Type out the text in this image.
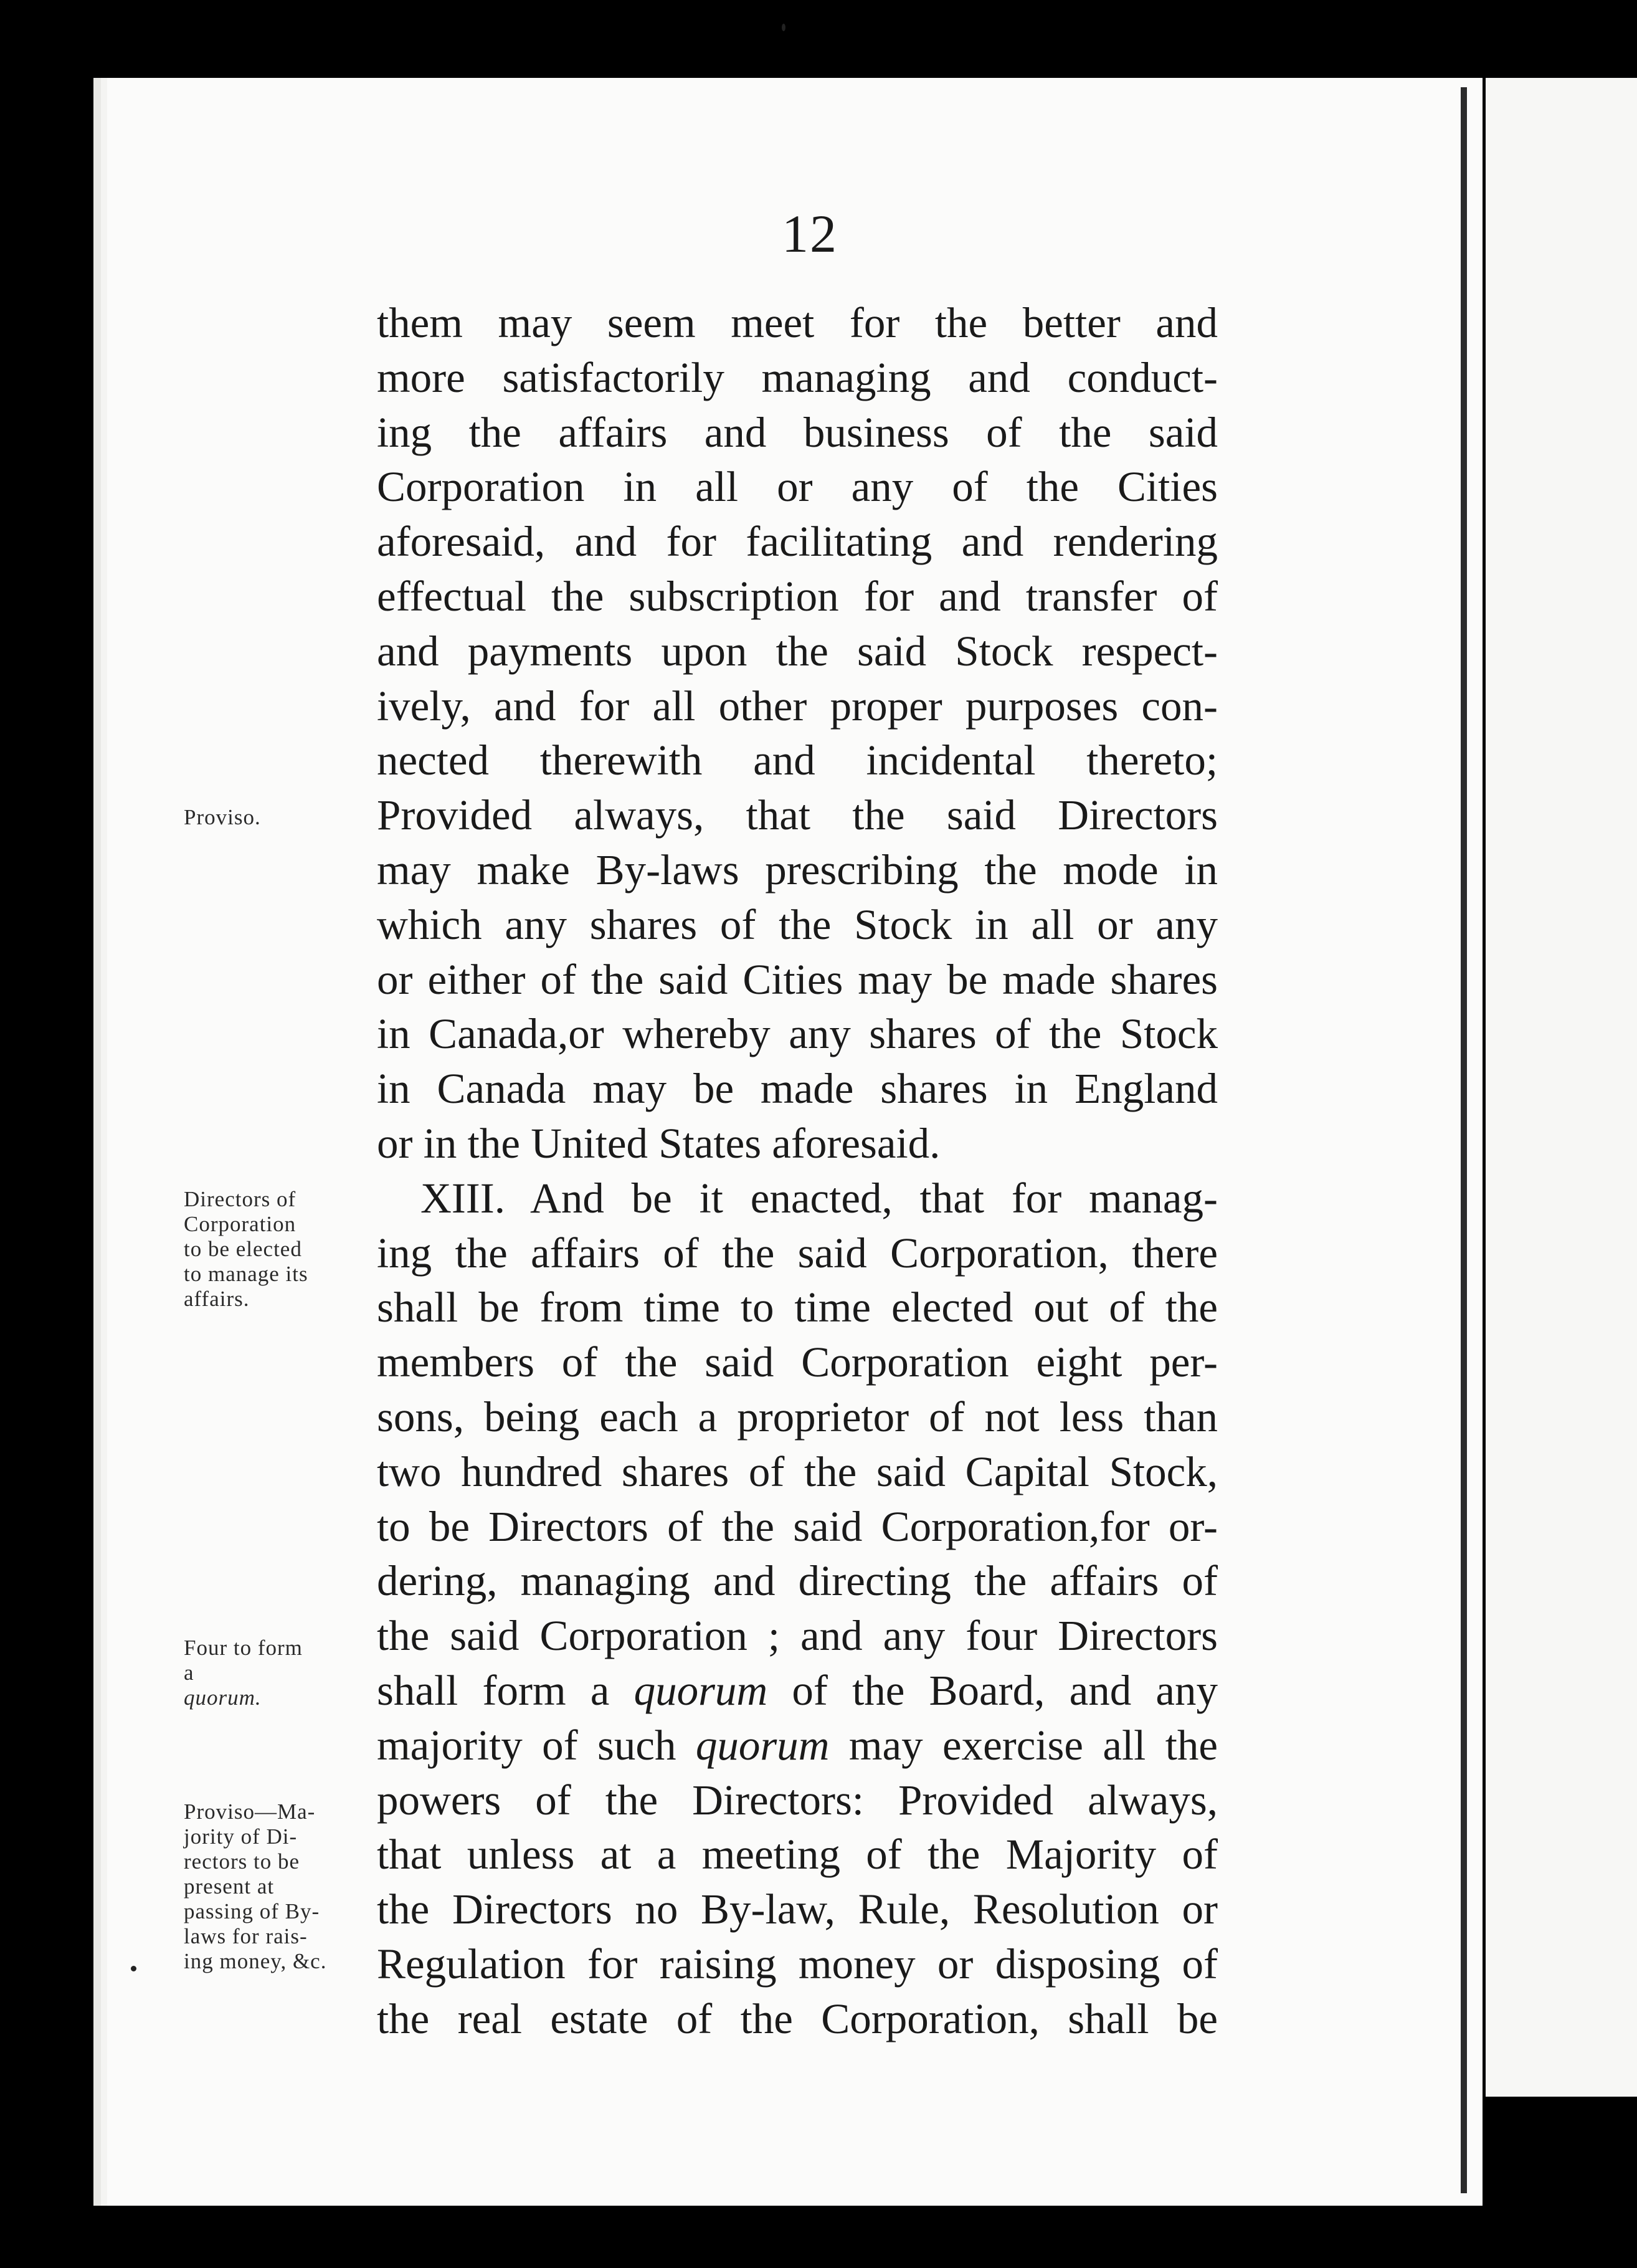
12
them may seem meet for the better and
more satisfactorily managing and conduct-
ing the affairs and business of the said
Corporation in all or any of the Cities
aforesaid, and for facilitating and rendering
effectual the subscription for and transfer of
and payments upon the said Stock respect-
ively, and for all other proper purposes con-
nected therewith and incidental thereto;
Provided always, that the said Directors
may make By-laws prescribing the mode in
which any shares of the Stock in all or any
or either of the said Cities may be made shares
in Canada,or whereby any shares of the Stock
in Canada may be made shares in England
or in the United States aforesaid.
XIII. And be it enacted, that for manag-
ing the affairs of the said Corporation, there
shall be from time to time elected out of the
members of the said Corporation eight per-
sons, being each a proprietor of not less than
two hundred shares of the said Capital Stock,
to be Directors of the said Corporation,for or-
dering, managing and directing the affairs of
the said Corporation ; and any four Directors
shall form a quorum of the Board, and any
majority of such quorum may exercise all the
powers of the Directors: Provided always,
that unless at a meeting of the Majority of
the Directors no By-law, Rule, Resolution or
Regulation for raising money or disposing of
the real estate of the Corporation, shall be
Proviso.
Directors of
Corporation
to be elected
to manage its
affairs.
Four to form
a
quorum.
Proviso—Ma-
jority of Di-
rectors to be
present at
passing of By-
laws for rais-
ing money, &c.
